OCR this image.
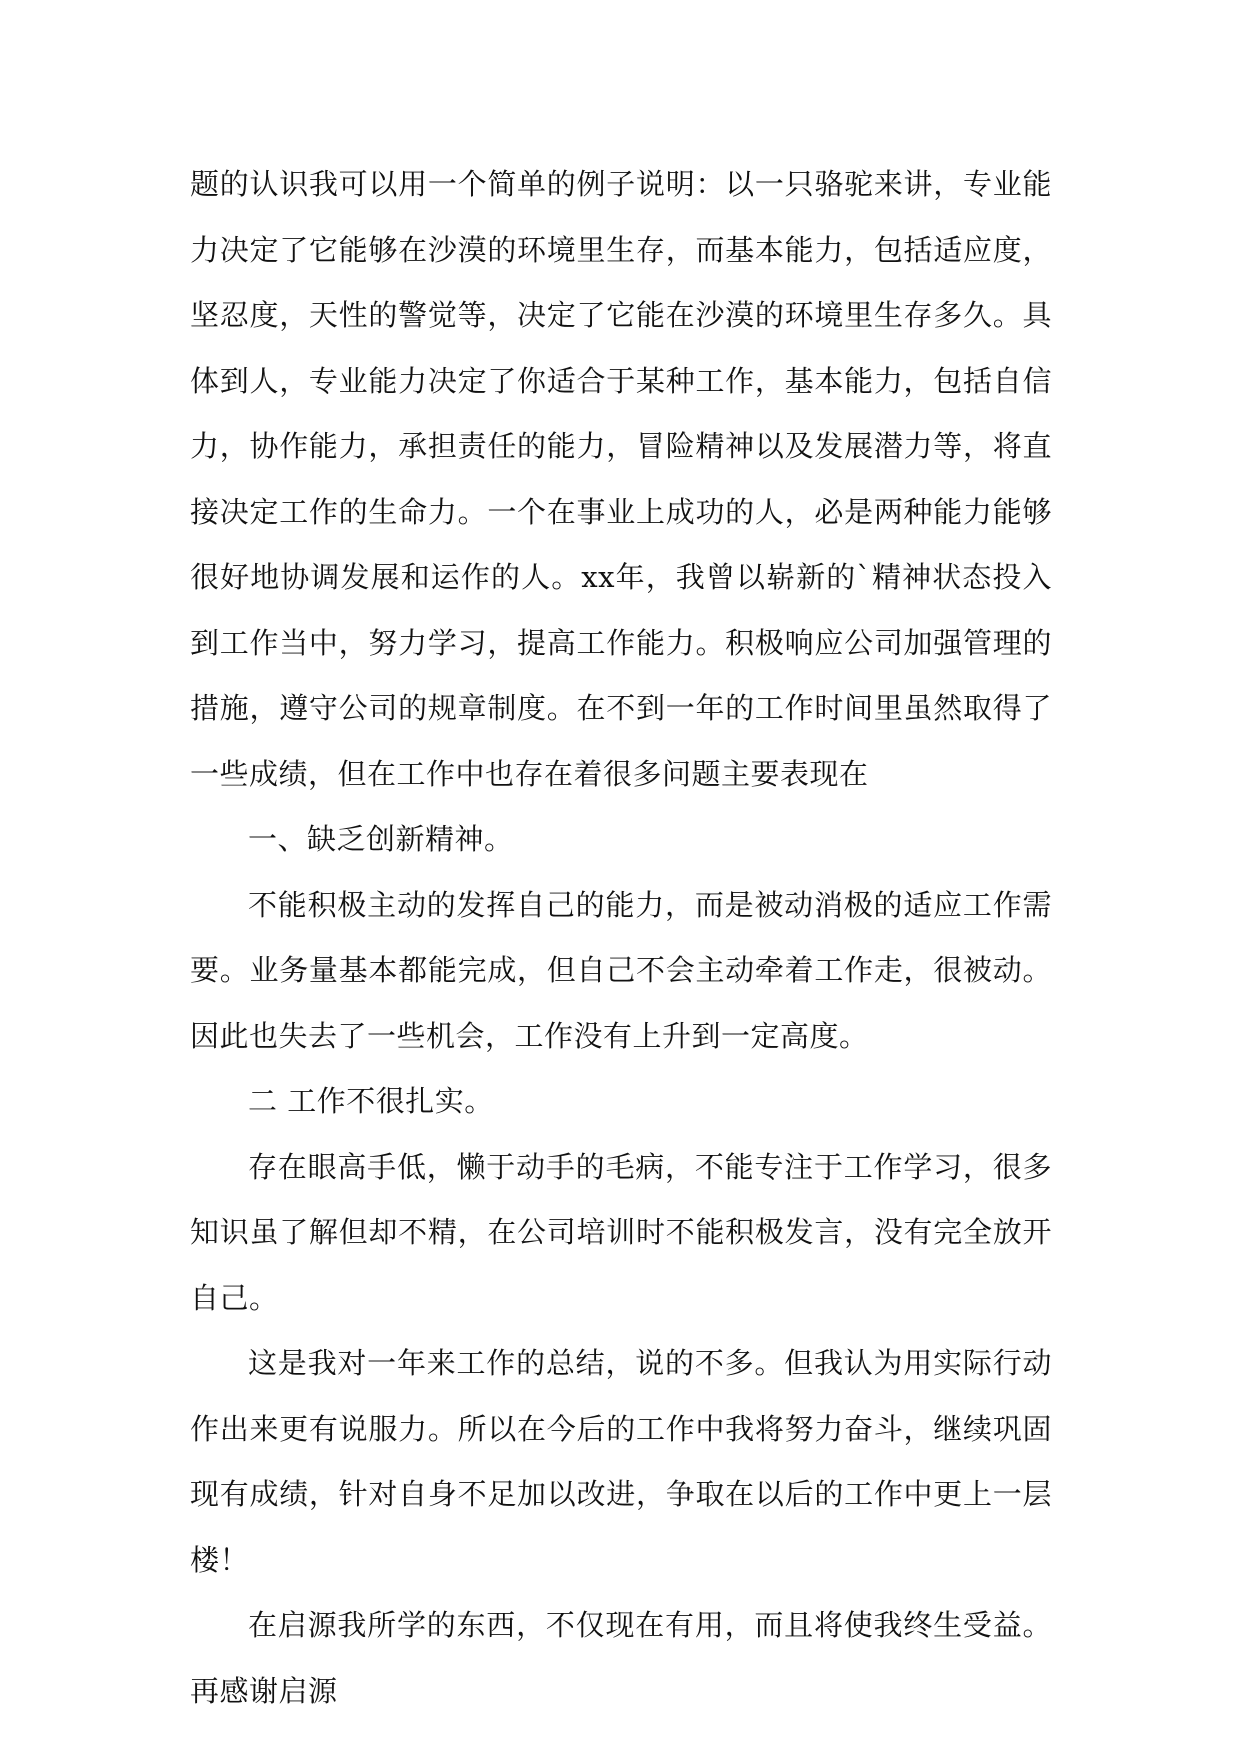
题的认识我可以用一个简单的例子说明：以一只骆驼来讲，专业能力决定了它能够在沙漠的环境里生存，而基本能力，包括适应度，坚忍度，天性的警觉等，决定了它能在沙漠的环境里生存多久。具体到人，专业能力决定了你适合于某种工作，基本能力，包括自信力，协作能力，承担责任的能力，冒险精神以及发展潜力等，将直接决定工作的生命力。一个在事业上成功的人，必是两种能力能够很好地协调发展和运作的人。xx年，我曾以崭新的`精神状态投入到工作当中，努力学习，提高工作能力。积极响应公司加强管理的措施，遵守公司的规章制度。在不到一年的工作时间里虽然取得了一些成绩，但在工作中也存在着很多问题主要表现在

一、缺乏创新精神。

不能积极主动的发挥自己的能力，而是被动消极的适应工作需要。业务量基本都能完成，但自己不会主动牵着工作走，很被动。因此也失去了一些机会，工作没有上升到一定高度。

二 工作不很扎实。

存在眼高手低，懒于动手的毛病，不能专注于工作学习，很多知识虽了解但却不精，在公司培训时不能积极发言，没有完全放开自己。

这是我对一年来工作的总结，说的不多。但我认为用实际行动作出来更有说服力。所以在今后的工作中我将努力奋斗，继续巩固现有成绩，针对自身不足加以改进，争取在以后的工作中更上一层楼！

在启源我所学的东西，不仅现在有用，而且将使我终生受益。再感谢启源
